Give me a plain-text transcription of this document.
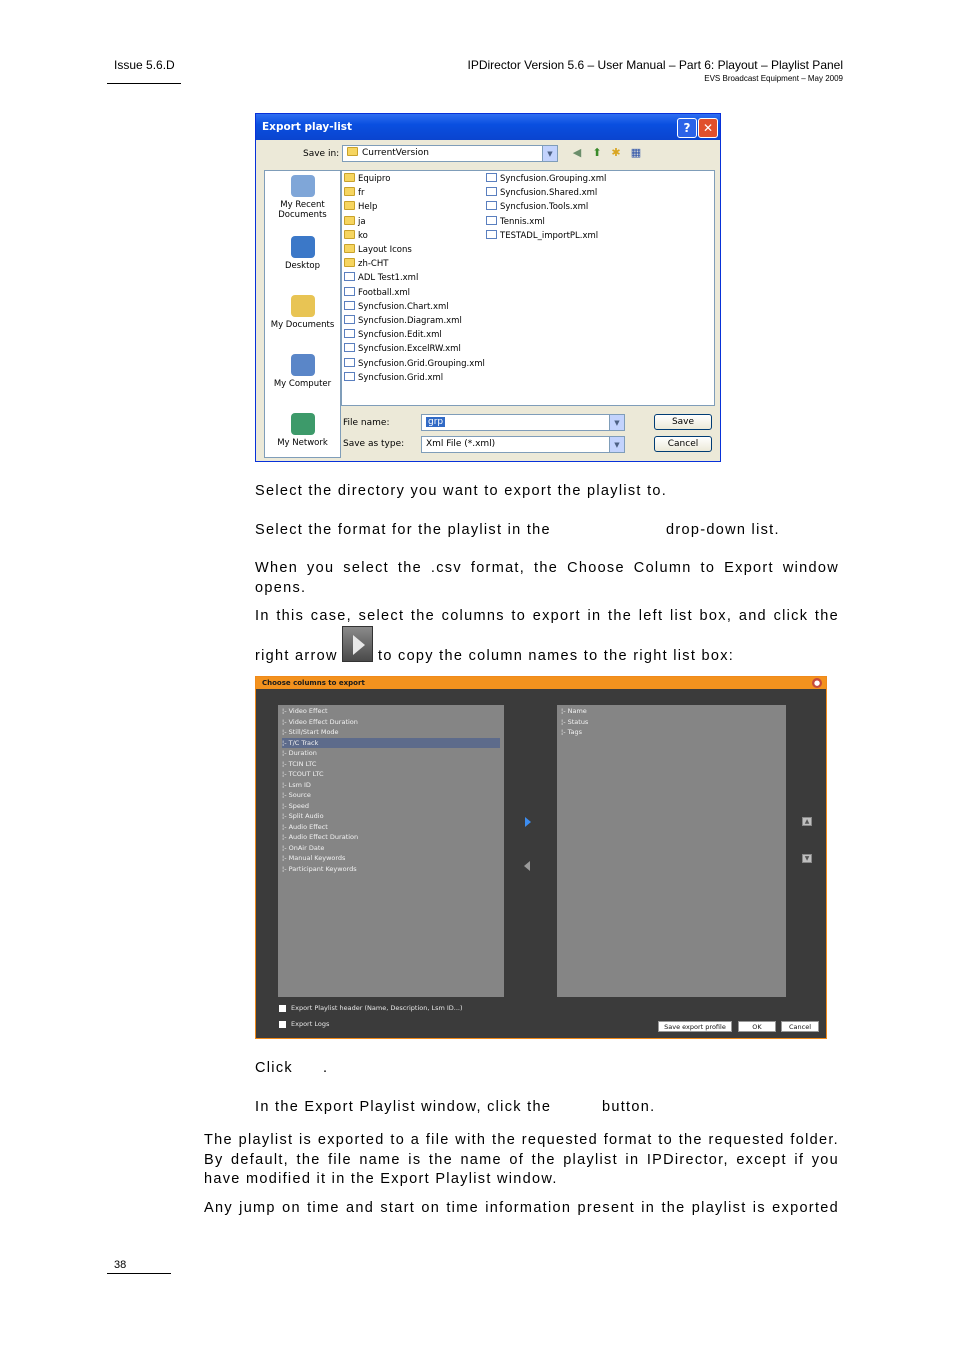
Issue 5.6.D	IPDirector Version 5.6 – User Manual – Part 6: Playout – Playlist Panel
EVS Broadcast Equipment – May 2009
Export play-list	?	✕
Save in:	CurrentVersion	▼	◀	⬆ ✱ ▦
My Recent Documents
Desktop
My Documents
My Computer
My Network
Equipro
fr
Help
ja
ko
Layout Icons
zh-CHT
ADL Test1.xml
Football.xml
Syncfusion.Chart.xml
Syncfusion.Diagram.xml
Syncfusion.Edit.xml
Syncfusion.ExcelRW.xml
Syncfusion.Grid.Grouping.xml
Syncfusion.Grid.xml
Syncfusion.Grouping.xml
Syncfusion.Shared.xml
Syncfusion.Tools.xml
Tennis.xml
TESTADL_importPL.xml
File name:	grp	▼
Save as type:	Xml File (*.xml)	▼
Save
Cancel
Select the directory you want to export the playlist to.
Select the format for the playlist in the	drop-down list.
When you select the .csv format, the Choose Column to Export window opens.
In this case, select the columns to export in the left list box, and click the
right arrow	to copy the column names to the right list box:
Choose columns to export	●
¦- Video Effect
¦- Video Effect Duration
¦- Still/Start Mode
¦- T/C Track
¦- Duration
¦- TCIN LTC
¦- TCOUT LTC
¦- Lsm ID
¦- Source
¦- Speed
¦- Split Audio
¦- Audio Effect
¦- Audio Effect Duration
¦- OnAir Date
¦- Manual Keywords
¦- Participant Keywords
¦- Name
¦- Status
¦- Tags
▲
▼
Export Playlist header (Name, Description, Lsm ID...)
Export Logs	Save export profile	OK	Cancel
Click .
In the Export Playlist window, click the	button.
The playlist is exported to a file with the requested format to the requested folder. By default, the file name is the name of the playlist in IPDirector, except if you have modified it in the Export Playlist window.
Any jump on time and start on time information present in the playlist is exported
38
